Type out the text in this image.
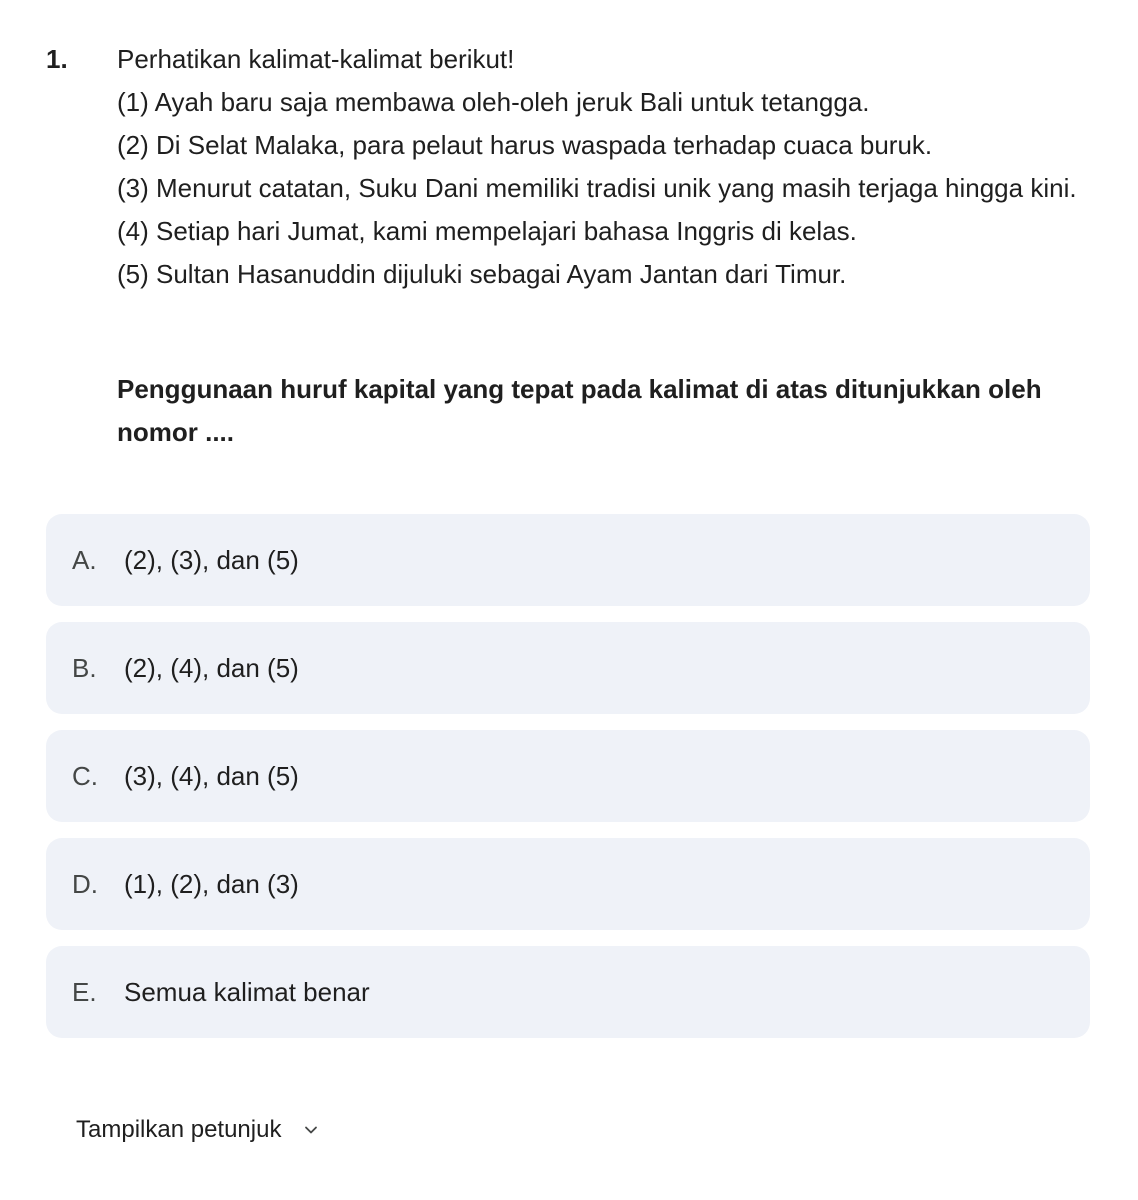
1. Perhatikan kalimat-kalimat berikut!
(1) Ayah baru saja membawa oleh-oleh jeruk Bali untuk tetangga.
(2) Di Selat Malaka, para pelaut harus waspada terhadap cuaca buruk.
(3) Menurut catatan, Suku Dani memiliki tradisi unik yang masih terjaga hingga kini.
(4) Setiap hari Jumat, kami mempelajari bahasa Inggris di kelas.
(5) Sultan Hasanuddin dijuluki sebagai Ayam Jantan dari Timur.
Penggunaan huruf kapital yang tepat pada kalimat di atas ditunjukkan oleh nomor ....
A.	(2), (3), dan (5)
B.	(2), (4), dan (5)
C.	(3), (4), dan (5)
D.	(1), (2), dan (3)
E.	Semua kalimat benar
Tampilkan petunjuk
